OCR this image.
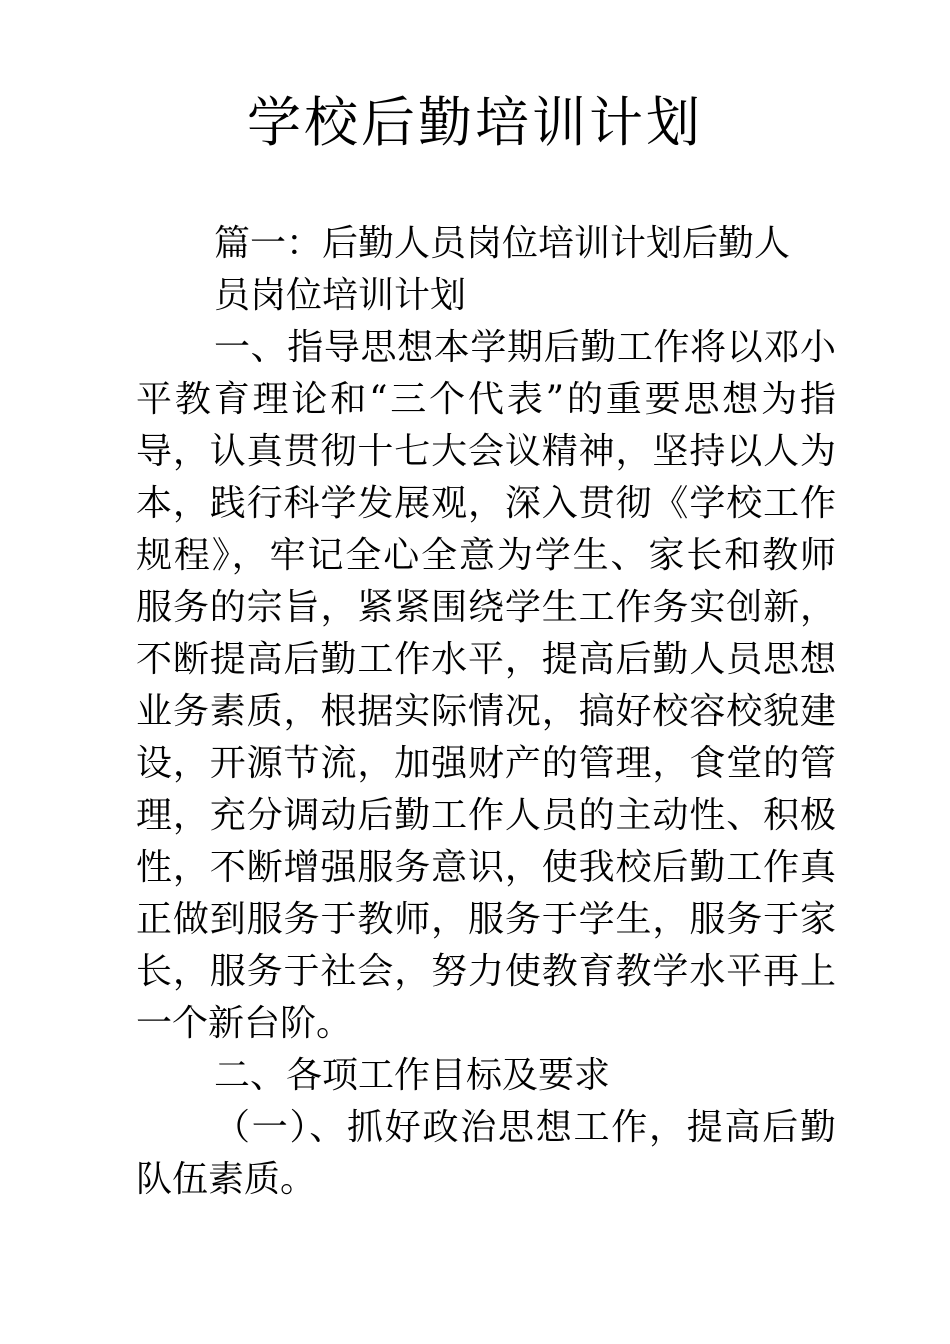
学校后勤培训计划

篇一：后勤人员岗位培训计划后勤人员岗位培训计划

一、指导思想本学期后勤工作将以邓小平教育理论和“三个代表”的重要思想为指导，认真贯彻十七大会议精神，坚持以人为本，践行科学发展观，深入贯彻《学校工作规程》，牢记全心全意为学生、家长和教师服务的宗旨，紧紧围绕学生工作务实创新，不断提高后勤工作水平，提高后勤人员思想业务素质，根据实际情况，搞好校容校貌建设，开源节流，加强财产的管理，食堂的管理，充分调动后勤工作人员的主动性、积极性，不断增强服务意识，使我校后勤工作真正做到服务于教师，服务于学生，服务于家长，服务于社会，努力使教育教学水平再上一个新台阶。

二、各项工作目标及要求

（一）、抓好政治思想工作，提高后勤队伍素质。
